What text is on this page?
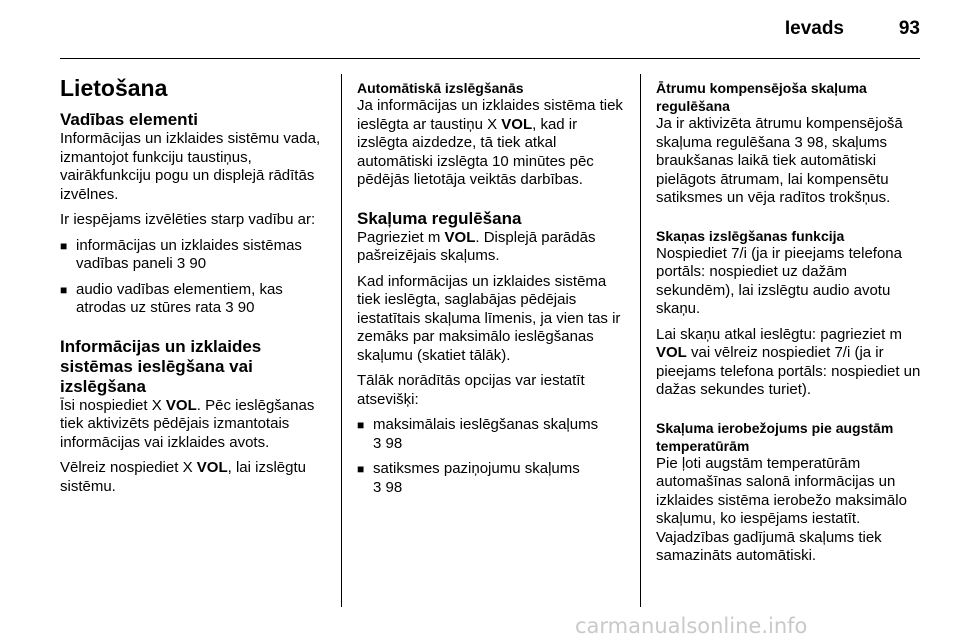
Ievads	93
Lietošana
Vadības elementi

Informācijas un izklaides sistēmu vada, izmantojot funkciju taustiņus, vairākfunkciju pogu un displejā rādītās izvēlnes.

Ir iespējams izvēlēties starp vadību ar:

■ informācijas un izklaides sistēmas vadības paneli 3 90
■ audio vadības elementiem, kas atrodas uz stūres rata 3 90
Informācijas un izklaides
sistēmas ieslēgšana vai
izslēgšana

Īsi nospiediet X VOL. Pēc ieslēgšanas tiek aktivizēts pēdējais izmantotais informācijas vai izklaides avots.

Vēlreiz nospiediet X VOL, lai izslēgtu sistēmu.

Automātiskā izslēgšanās

Ja informācijas un izklaides sistēma tiek ieslēgta ar taustiņu X VOL, kad ir izslēgta aizdedze, tā tiek atkal automātiski izslēgta 10 minūtes pēc pēdējās lietotāja veiktās darbības.

Skaļuma regulēšana

Pagrieziet m VOL. Displejā parādās pašreizējais skaļums.

Kad informācijas un izklaides sistēma tiek ieslēgta, saglabājas pēdējais iestatītais skaļuma līmenis, ja vien tas ir zemāks par maksimālo ieslēgšanas skaļumu (skatiet tālāk).

Tālāk norādītās opcijas var iestatīt atsevišķi:

■ maksimālais ieslēgšanas skaļums
3 98
■ satiksmes paziņojumu skaļums
3 98
Ātrumu kompensējoša skaļuma
regulēšana

Ja ir aktivizēta ātrumu kompensējošā skaļuma regulēšana 3 98, skaļums braukšanas laikā tiek automātiski pielāgots ātrumam, lai kompensētu satiksmes un vēja radītos trokšņus.

Skaņas izslēgšanas funkcija

Nospiediet 7/i (ja ir pieejams telefona portāls: nospiediet uz dažām sekundēm), lai izslēgtu audio avotu skaņu.

Lai skaņu atkal ieslēgtu: pagrieziet m VOL vai vēlreiz nospiediet 7/i (ja ir pieejams telefona portāls: nospiediet un dažas sekundes turiet).

Skaļuma ierobežojums pie augstām
temperatūrām

Pie ļoti augstām temperatūrām automašīnas salonā informācijas un izklaides sistēma ierobežo maksimālo skaļumu, ko iespējams iestatīt. Vajadzības gadījumā skaļums tiek samazināts automātiski.

carmanualsonline.info
